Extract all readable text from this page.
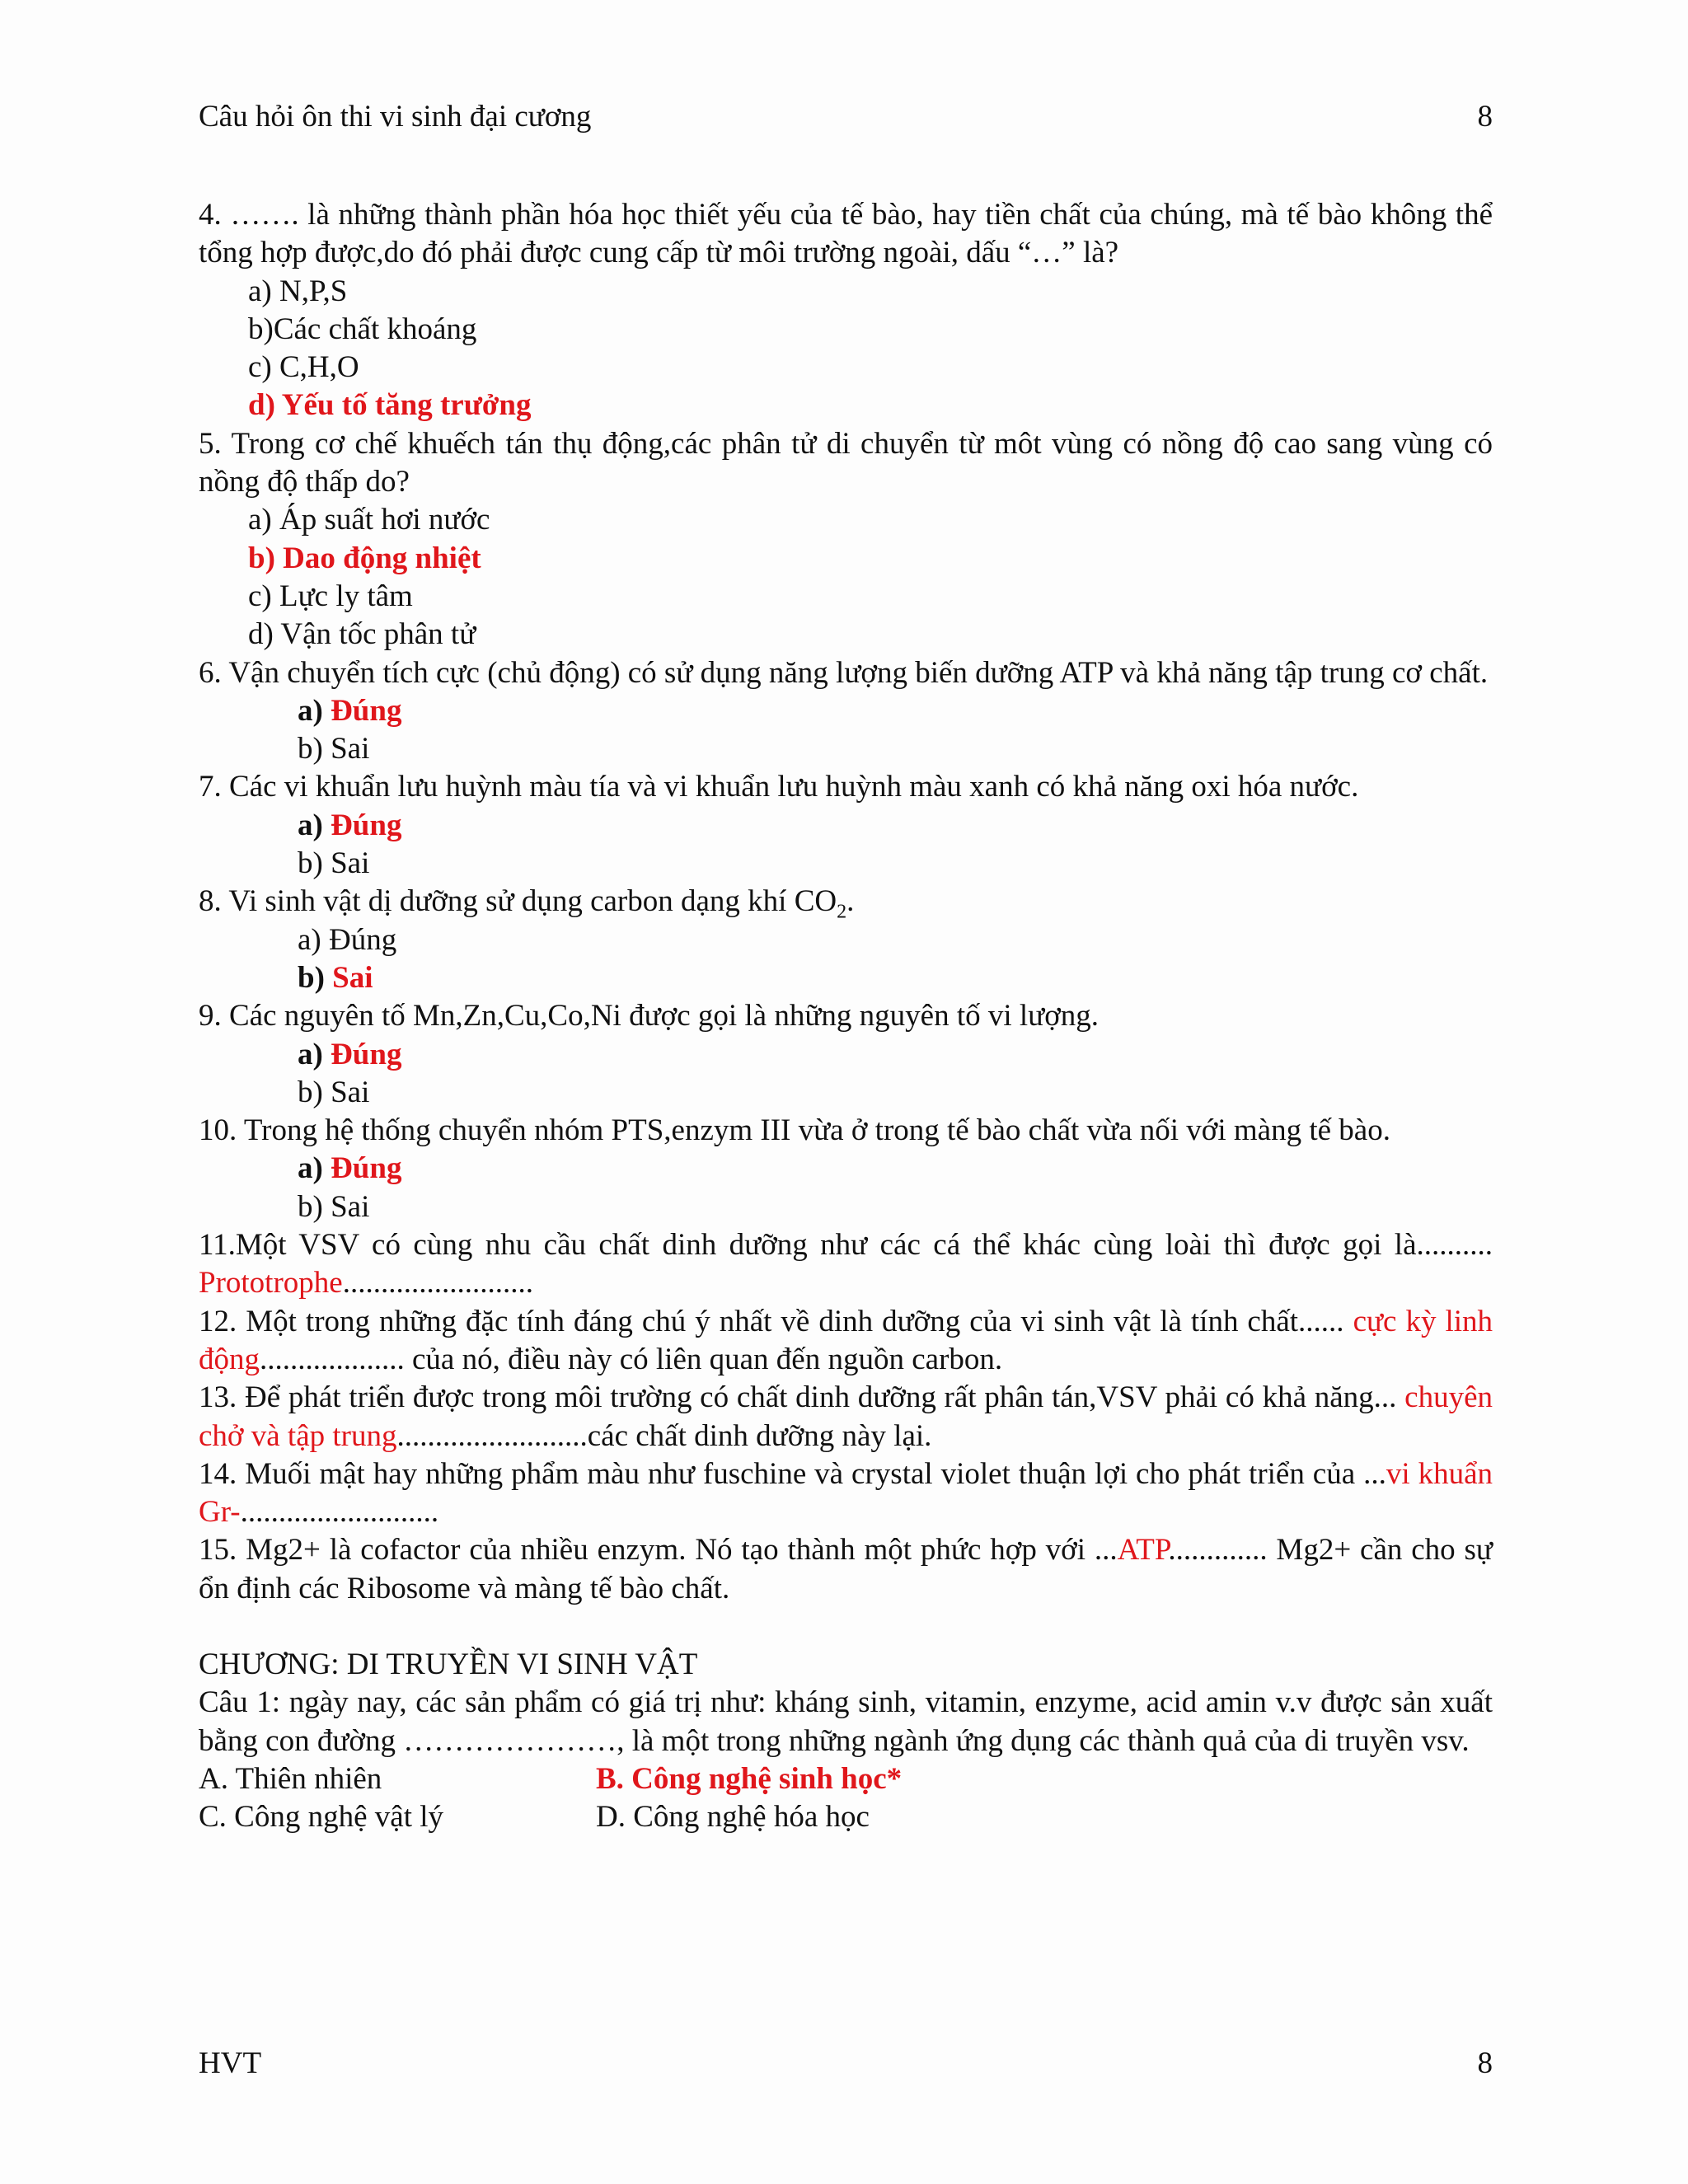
Câu hỏi ôn thi vi sinh đại cương	8
4. ……. là những thành phần hóa học thiết yếu của tế bào, hay tiền chất của chúng, mà tế bào không thể tổng hợp được,do đó phải được cung cấp từ môi trường ngoài, dấu “…” là?
a) N,P,S
b)Các chất khoáng
c) C,H,O
d) Yếu tố tăng trưởng
5. Trong cơ chế khuếch tán thụ động,các phân tử di chuyển từ môt vùng có nồng độ cao sang vùng có nồng độ thấp do?
a) Áp suất hơi nước
b) Dao động nhiệt
c) Lực ly tâm
d) Vận tốc phân tử
6. Vận chuyển tích cực (chủ động) có sử dụng năng lượng biến dưỡng ATP và khả năng tập trung cơ chất.
a) Đúng
b) Sai
7. Các vi khuẩn lưu huỳnh màu tía và vi khuẩn lưu huỳnh màu xanh có khả năng oxi hóa nước.
a) Đúng
b) Sai
8. Vi sinh vật dị dưỡng sử dụng carbon dạng khí $CO_2$.
a) Đúng
b) Sai
9. Các nguyên tố Mn,Zn,Cu,Co,Ni được gọi là những nguyên tố vi lượng.
a) Đúng
b) Sai
10. Trong hệ thống chuyển nhóm PTS,enzym III vừa ở trong tế bào chất vừa nối với màng tế bào.
a) Đúng
b) Sai
11.Một VSV có cùng nhu cầu chất dinh dưỡng như các cá thể khác cùng loài thì được gọi là.......... Prototrophe.........................
12. Một trong những đặc tính đáng chú ý nhất về dinh dưỡng của vi sinh vật là tính chất...... cực kỳ linh động................... của nó, điều này có liên quan đến nguồn carbon.
13. Để phát triển được trong môi trường có chất dinh dưỡng rất phân tán,VSV phải có khả năng... chuyên chở và tập trung.........................các chất dinh dưỡng này lại.
14. Muối mật hay những phẩm màu như fuschine và crystal violet thuận lợi cho phát triển của ...vi khuẩn Gr-..........................
15. Mg2+ là cofactor của nhiều enzym. Nó tạo thành một phức hợp với ...ATP............. Mg2+ cần cho sự ổn định các Ribosome và màng tế bào chất.
CHƯƠNG: DI TRUYỀN VI SINH VẬT
Câu 1: ngày nay, các sản phẩm có giá trị như: kháng sinh, vitamin, enzyme, acid amin v.v được sản xuất bằng con đường …………………, là một trong những ngành ứng dụng các thành quả của di truyền vsv.
A. Thiên nhiên	B. Công nghệ sinh học*
C. Công nghệ vật lý	D. Công nghệ hóa học
HVT	8
